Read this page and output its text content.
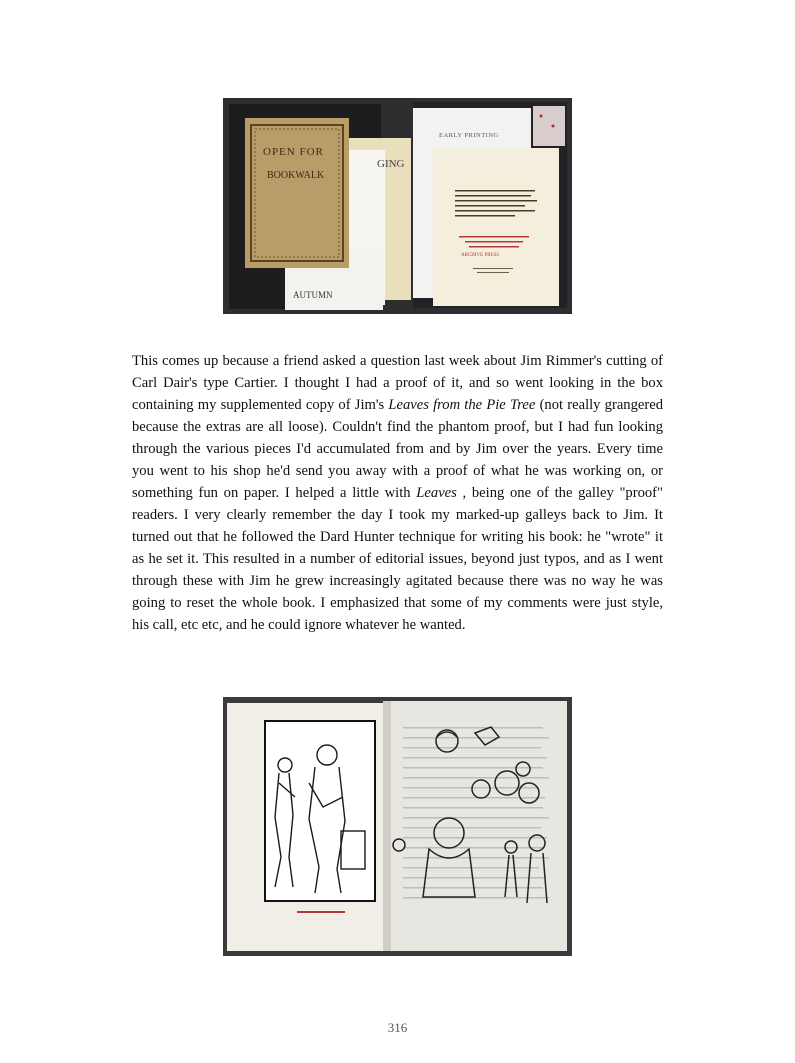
OPEN FOR
BOOKWALK
GING
EARLY PRINTING
AUTUMN
ARCHIVE PRESS

This comes up because a friend asked a question last week about Jim Rimmer's cutting of Carl Dair's type Cartier. I thought I had a proof of it, and so went looking in the box containing my supplemented copy of Jim's Leaves from the Pie Tree (not really grangered because the extras are all loose). Couldn't find the phantom proof, but I had fun looking through the various pieces I'd accumulated from and by Jim over the years. Every time you went to his shop he'd send you away with a proof of what he was working on, or something fun on paper. I helped a little with Leaves , being one of the galley "proof" readers. I very clearly remember the day I took my marked-up galleys back to Jim. It turned out that he followed the Dard Hunter technique for writing his book: he "wrote" it as he set it. This resulted in a number of editorial issues, beyond just typos, and as I went through these with Jim he grew increasingly agitated because there was no way he was going to reset the whole book. I emphasized that some of my comments were just style, his call, etc etc, and he could ignore whatever he wanted.

316
